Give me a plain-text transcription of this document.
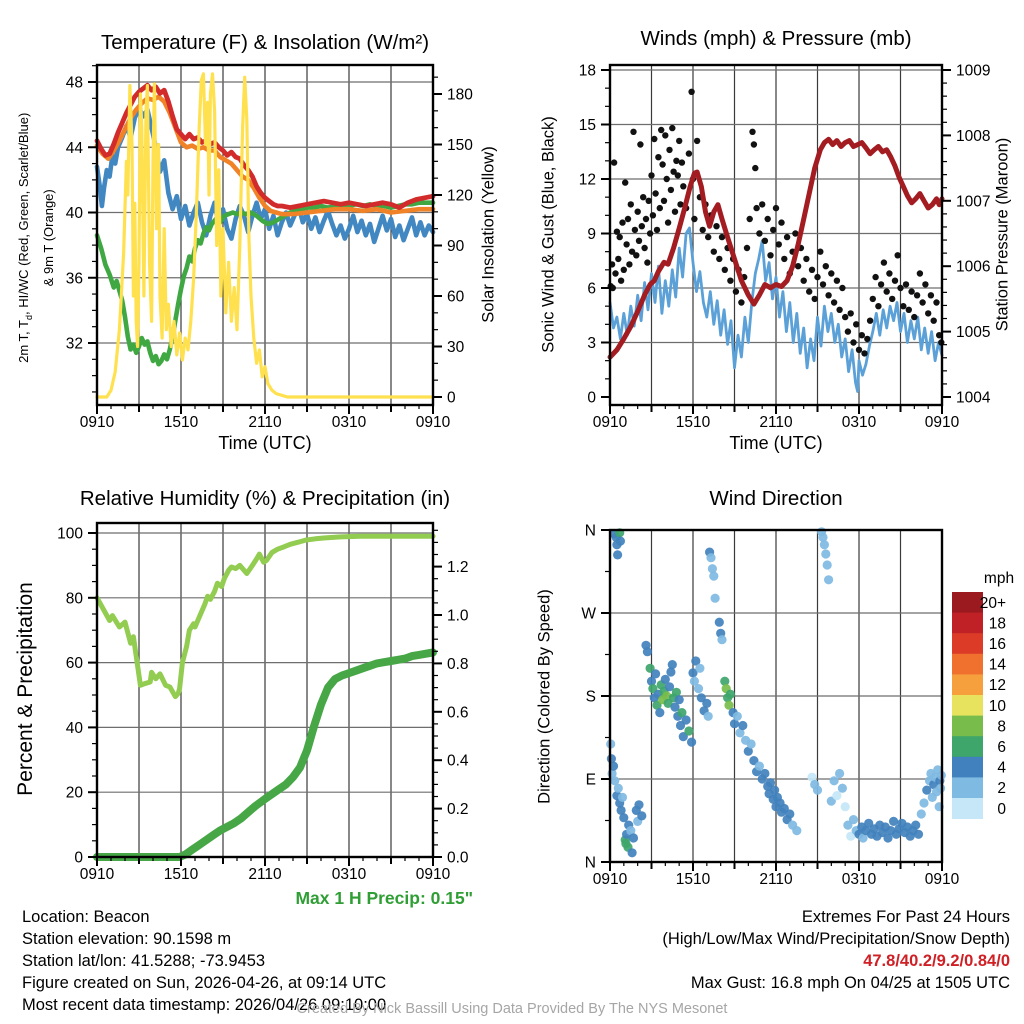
0910	1510	2110	0310	0910
48
44
40
36
32
180
150
120
90
60
30
0
0910	1510	2110	0310	0910
18
15
12
9
6
3
0
1009
1008
1007
1006
1005
1004
0910	1510	2110	0310	0910
100
80
60
40
20
0
1.2
1.0
0.8
0.6
0.4
0.2
0.0
0910	1510	2110	0310	0910
N
W
S
E
N
20+
18
16
14
12
10
8
6
4
2
0
mph
Temperature (F) & Insolation (W/m²)	Winds (mph) & Pressure (mb)
Relative Humidity (%) & Precipitation (in)	Wind Direction
Time (UTC)	Time (UTC)
2m T, $T_d$, HI/WC (Red, Green, Scarlet/Blue) & 9m T (Orange)	Solar Insolation (Yellow)	Sonic Wind & Gust (Blue, Black)	Station Pressure (Maroon)
Percent & Precipitation	Direction (Colored By Speed)
Max 1 H Precip: 0.15"
Location: Beacon
Station elevation: 90.1598 m
Station lat/lon: 41.5288; -73.9453
Figure created on Sun, 2026-04-26, at 09:14 UTC
Most recent data timestamp: 2026/04/26 09:10:00
Extremes For Past 24 Hours
(High/Low/Max Wind/Precipitation/Snow Depth)
47.8/40.2/9.2/0.84/0
Max Gust: 16.8 mph On 04/25 at 1505 UTC
Created By Nick Bassill Using Data Provided By The NYS Mesonet
